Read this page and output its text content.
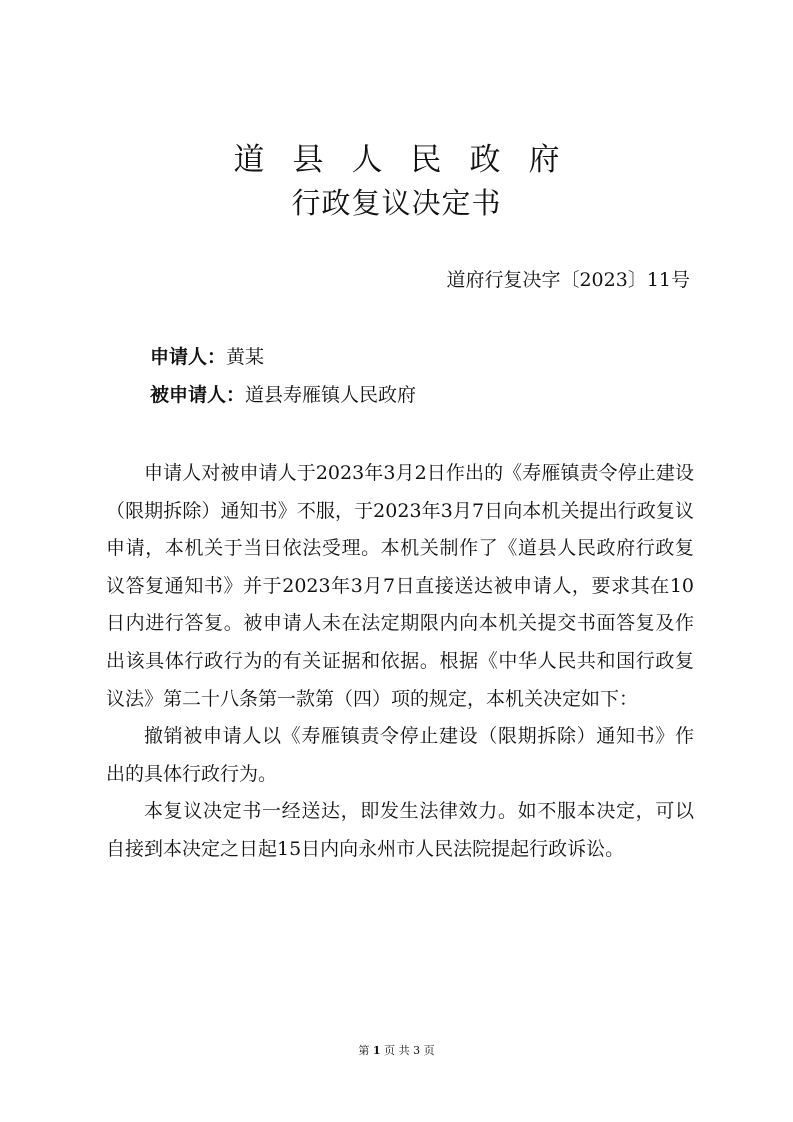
道县人民政府
行政复议决定书
道府行复决字〔2023〕11号
申请人：黄某
被申请人：道县寿雁镇人民政府

申请人对被申请人于2023年3月2日作出的《寿雁镇责令停止建设（限期拆除）通知书》不服，于2023年3月7日向本机关提出行政复议申请，本机关于当日依法受理。本机关制作了《道县人民政府行政复议答复通知书》并于2023年3月7日直接送达被申请人，要求其在10日内进行答复。被申请人未在法定期限内向本机关提交书面答复及作出该具体行政行为的有关证据和依据。根据《中华人民共和国行政复议法》第二十八条第一款第（四）项的规定，本机关决定如下：

撤销被申请人以《寿雁镇责令停止建设（限期拆除）通知书》作出的具体行政行为。

本复议决定书一经送达，即发生法律效力。如不服本决定，可以自接到本决定之日起15日内向永州市人民法院提起行政诉讼。

第 1 页 共 3 页
